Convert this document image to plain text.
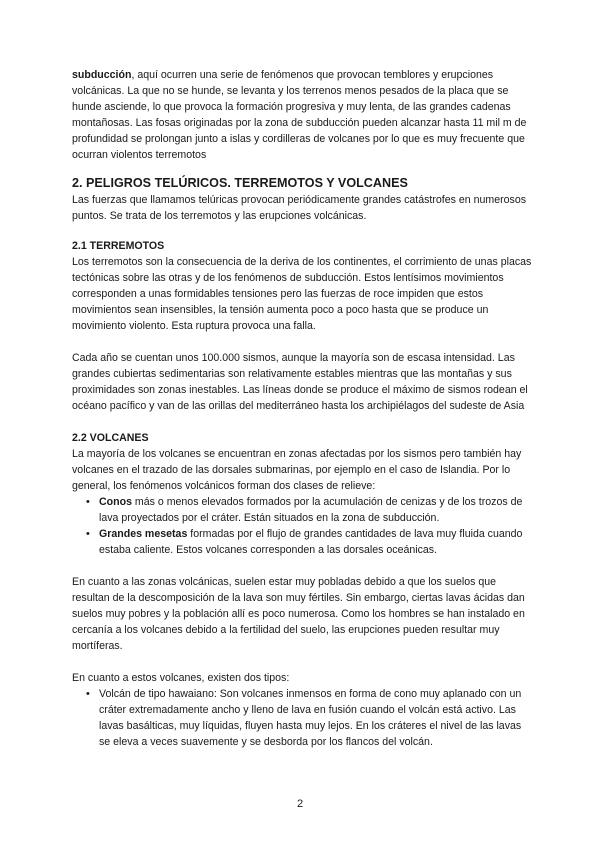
subducción, aquí ocurren una serie de fenómenos que provocan temblores y erupciones volcánicas. La que no se hunde, se levanta y los terrenos menos pesados de la placa que se hunde asciende, lo que provoca la formación progresiva y muy lenta, de las grandes cadenas montañosas. Las fosas originadas por la zona de subducción pueden alcanzar hasta 11 mil m de profundidad se prolongan junto a islas y cordilleras de volcanes por lo que es muy frecuente que ocurran violentos terremotos

2. PELIGROS TELÚRICOS. TERREMOTOS Y VOLCANES

Las fuerzas que llamamos telúricas provocan periódicamente grandes catástrofes en numerosos puntos. Se trata de los terremotos y las erupciones volcánicas.

2.1 TERREMOTOS

Los terremotos son la consecuencia de la deriva de los continentes, el corrimiento de unas placas tectónicas sobre las otras y de los fenómenos de subducción. Estos lentísimos movimientos corresponden a unas formidables tensiones pero las fuerzas de roce impiden que estos movimientos sean insensibles, la tensión aumenta poco a poco hasta que se produce un movimiento violento. Esta ruptura provoca una falla.

Cada año se cuentan unos 100.000 sismos, aunque la mayoría son de escasa intensidad. Las grandes cubiertas sedimentarias son relativamente estables mientras que las montañas y sus proximidades son zonas inestables. Las líneas donde se produce el máximo de sismos rodean el océano pacífico y van de las orillas del mediterráneo hasta los archipiélagos del sudeste de Asia

2.2 VOLCANES

La mayoría de los volcanes se encuentran en zonas afectadas por los sismos pero también hay volcanes en el trazado de las dorsales submarinas, por ejemplo en el caso de Islandia. Por lo general, los fenómenos volcánicos forman dos clases de relieve:

• Conos más o menos elevados formados por la acumulación de cenizas y de los trozos de lava proyectados por el cráter. Están situados en la zona de subducción.
• Grandes mesetas formadas por el flujo de grandes cantidades de lava muy fluida cuando estaba caliente. Estos volcanes corresponden a las dorsales oceánicas.

En cuanto a las zonas volcánicas, suelen estar muy pobladas debido a que los suelos que resultan de la descomposición de la lava son muy fértiles. Sin embargo, ciertas lavas ácidas dan suelos muy pobres y la población allí es poco numerosa. Como los hombres se han instalado en cercanía a los volcanes debido a la fertilidad del suelo, las erupciones pueden resultar muy mortíferas.

En cuanto a estos volcanes, existen dos tipos:

• Volcán de tipo hawaiano: Son volcanes inmensos en forma de cono muy aplanado con un cráter extremadamente ancho y lleno de lava en fusión cuando el volcán está activo. Las lavas basálticas, muy líquidas, fluyen hasta muy lejos. En los cráteres el nivel de las lavas se eleva a veces suavemente y se desborda por los flancos del volcán.
2
